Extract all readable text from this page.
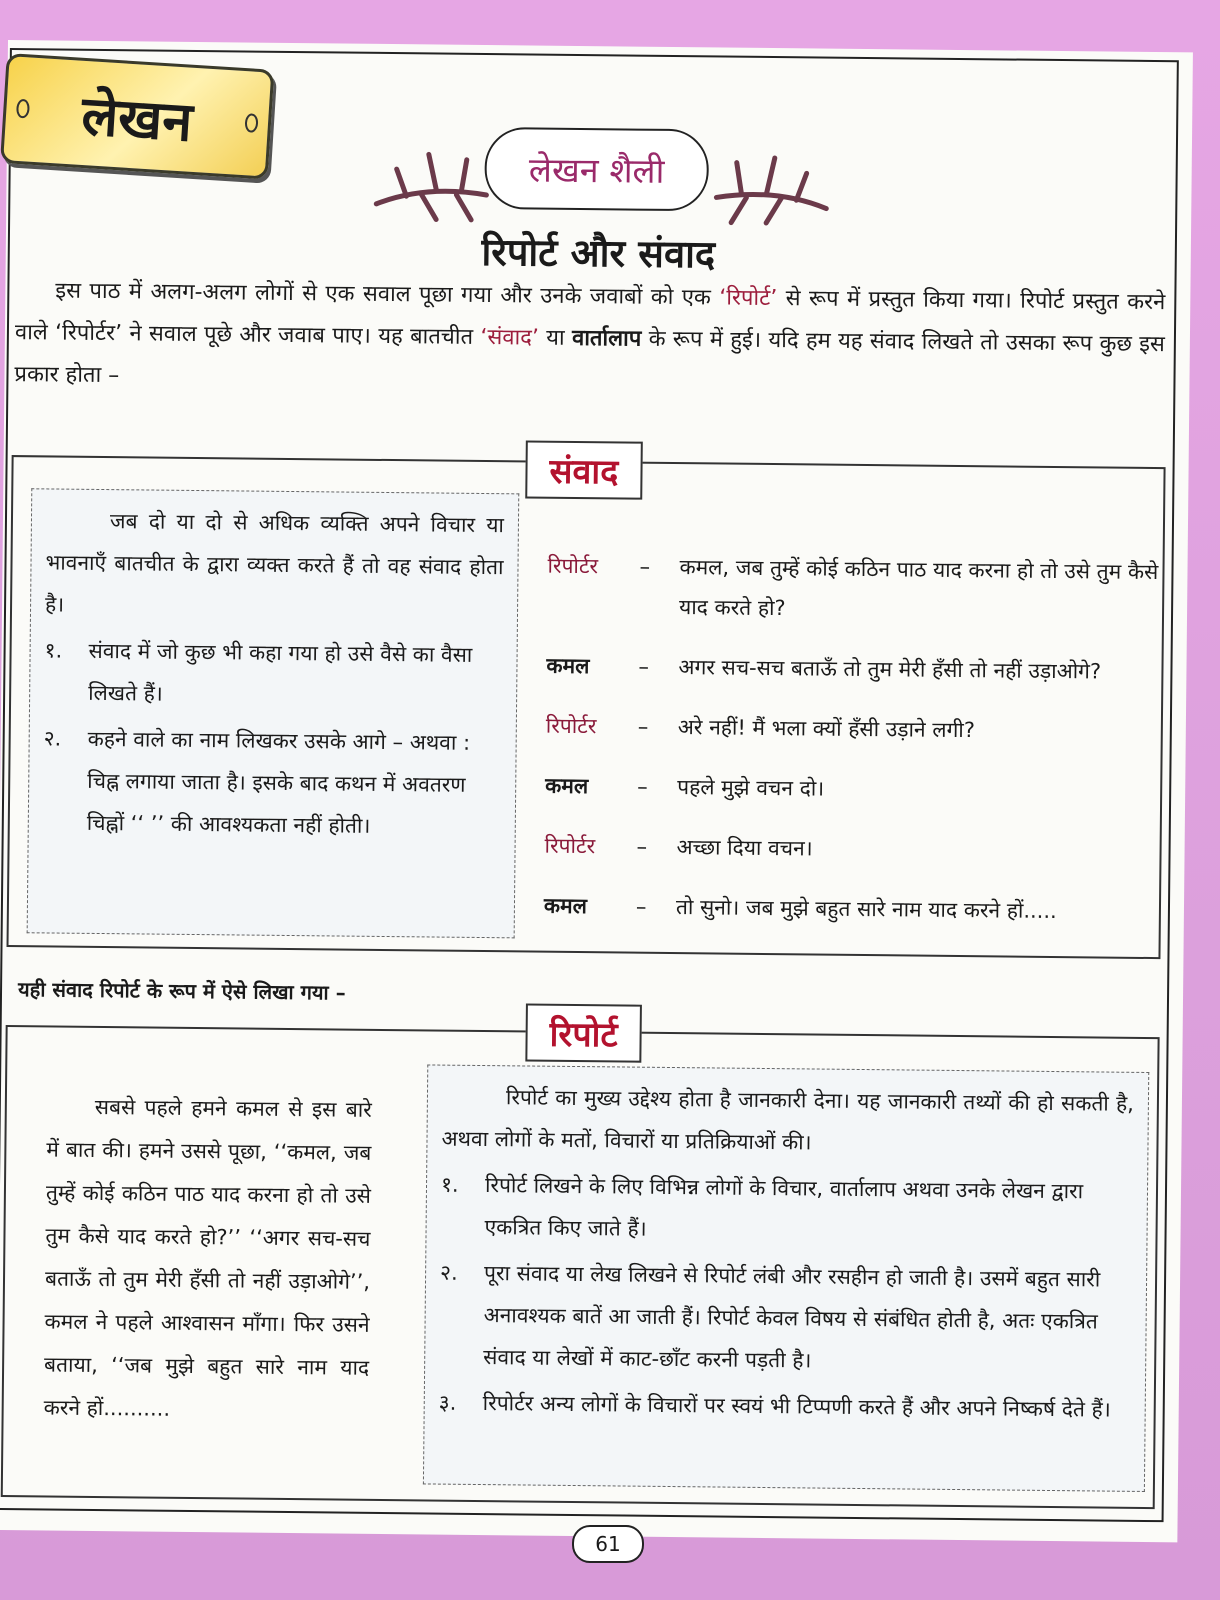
लेखन
लेखन शैली
रिपोर्ट और संवाद
इस पाठ में अलग-अलग लोगों से एक सवाल पूछा गया और उनके जवाबों को एक ‘रिपोर्ट’ से रूप में प्रस्तुत किया गया। रिपोर्ट प्रस्तुत करने वाले ‘रिपोर्टर’ ने सवाल पूछे और जवाब पाए। यह बातचीत ‘संवाद’ या वार्तालाप के रूप में हुई। यदि हम यह संवाद लिखते तो उसका रूप कुछ इस प्रकार होता –
संवाद

जब दो या दो से अधिक व्यक्ति अपने विचार या भावनाएँ बातचीत के द्वारा व्यक्त करते हैं तो वह संवाद होता है।

१.	संवाद में जो कुछ भी कहा गया हो उसे वैसे का वैसा लिखते हैं।
२.	कहने वाले का नाम लिखकर उसके आगे – अथवा : चिह्न लगाया जाता है। इसके बाद कथन में अवतरण चिह्नों ‘‘ ’’ की आवश्यकता नहीं होती।
रिपोर्टर	–	कमल, जब तुम्हें कोई कठिन पाठ याद करना हो तो उसे तुम कैसे याद करते हो?
कमल	–	अगर सच-सच बताऊँ तो तुम मेरी हँसी तो नहीं उड़ाओगे?
रिपोर्टर	–	अरे नहीं! मैं भला क्यों हँसी उड़ाने लगी?
कमल	–	पहले मुझे वचन दो।
रिपोर्टर	–	अच्छा दिया वचन।
कमल	–	तो सुनो। जब मुझे बहुत सारे नाम याद करने हों.....
यही संवाद रिपोर्ट के रूप में ऐसे लिखा गया –
रिपोर्ट
सबसे पहले हमने कमल से इस बारे में बात की। हमने उससे पूछा, ‘‘कमल, जब तुम्हें कोई कठिन पाठ याद करना हो तो उसे तुम कैसे याद करते हो?’’ ‘‘अगर सच-सच बताऊँ तो तुम मेरी हँसी तो नहीं उड़ाओगे’’, कमल ने पहले आश्वासन माँगा। फिर उसने बताया, ‘‘जब मुझे बहुत सारे नाम याद करने हों..........

रिपोर्ट का मुख्य उद्देश्य होता है जानकारी देना। यह जानकारी तथ्यों की हो सकती है, अथवा लोगों के मतों, विचारों या प्रतिक्रियाओं की।

१.	रिपोर्ट लिखने के लिए विभिन्न लोगों के विचार, वार्तालाप अथवा उनके लेखन द्वारा एकत्रित किए जाते हैं।
२.	पूरा संवाद या लेख लिखने से रिपोर्ट लंबी और रसहीन हो जाती है। उसमें बहुत सारी अनावश्यक बातें आ जाती हैं। रिपोर्ट केवल विषय से संबंधित होती है, अतः एकत्रित संवाद या लेखों में काट-छाँट करनी पड़ती है।
३.	रिपोर्टर अन्य लोगों के विचारों पर स्वयं भी टिप्पणी करते हैं और अपने निष्कर्ष देते हैं।
61
